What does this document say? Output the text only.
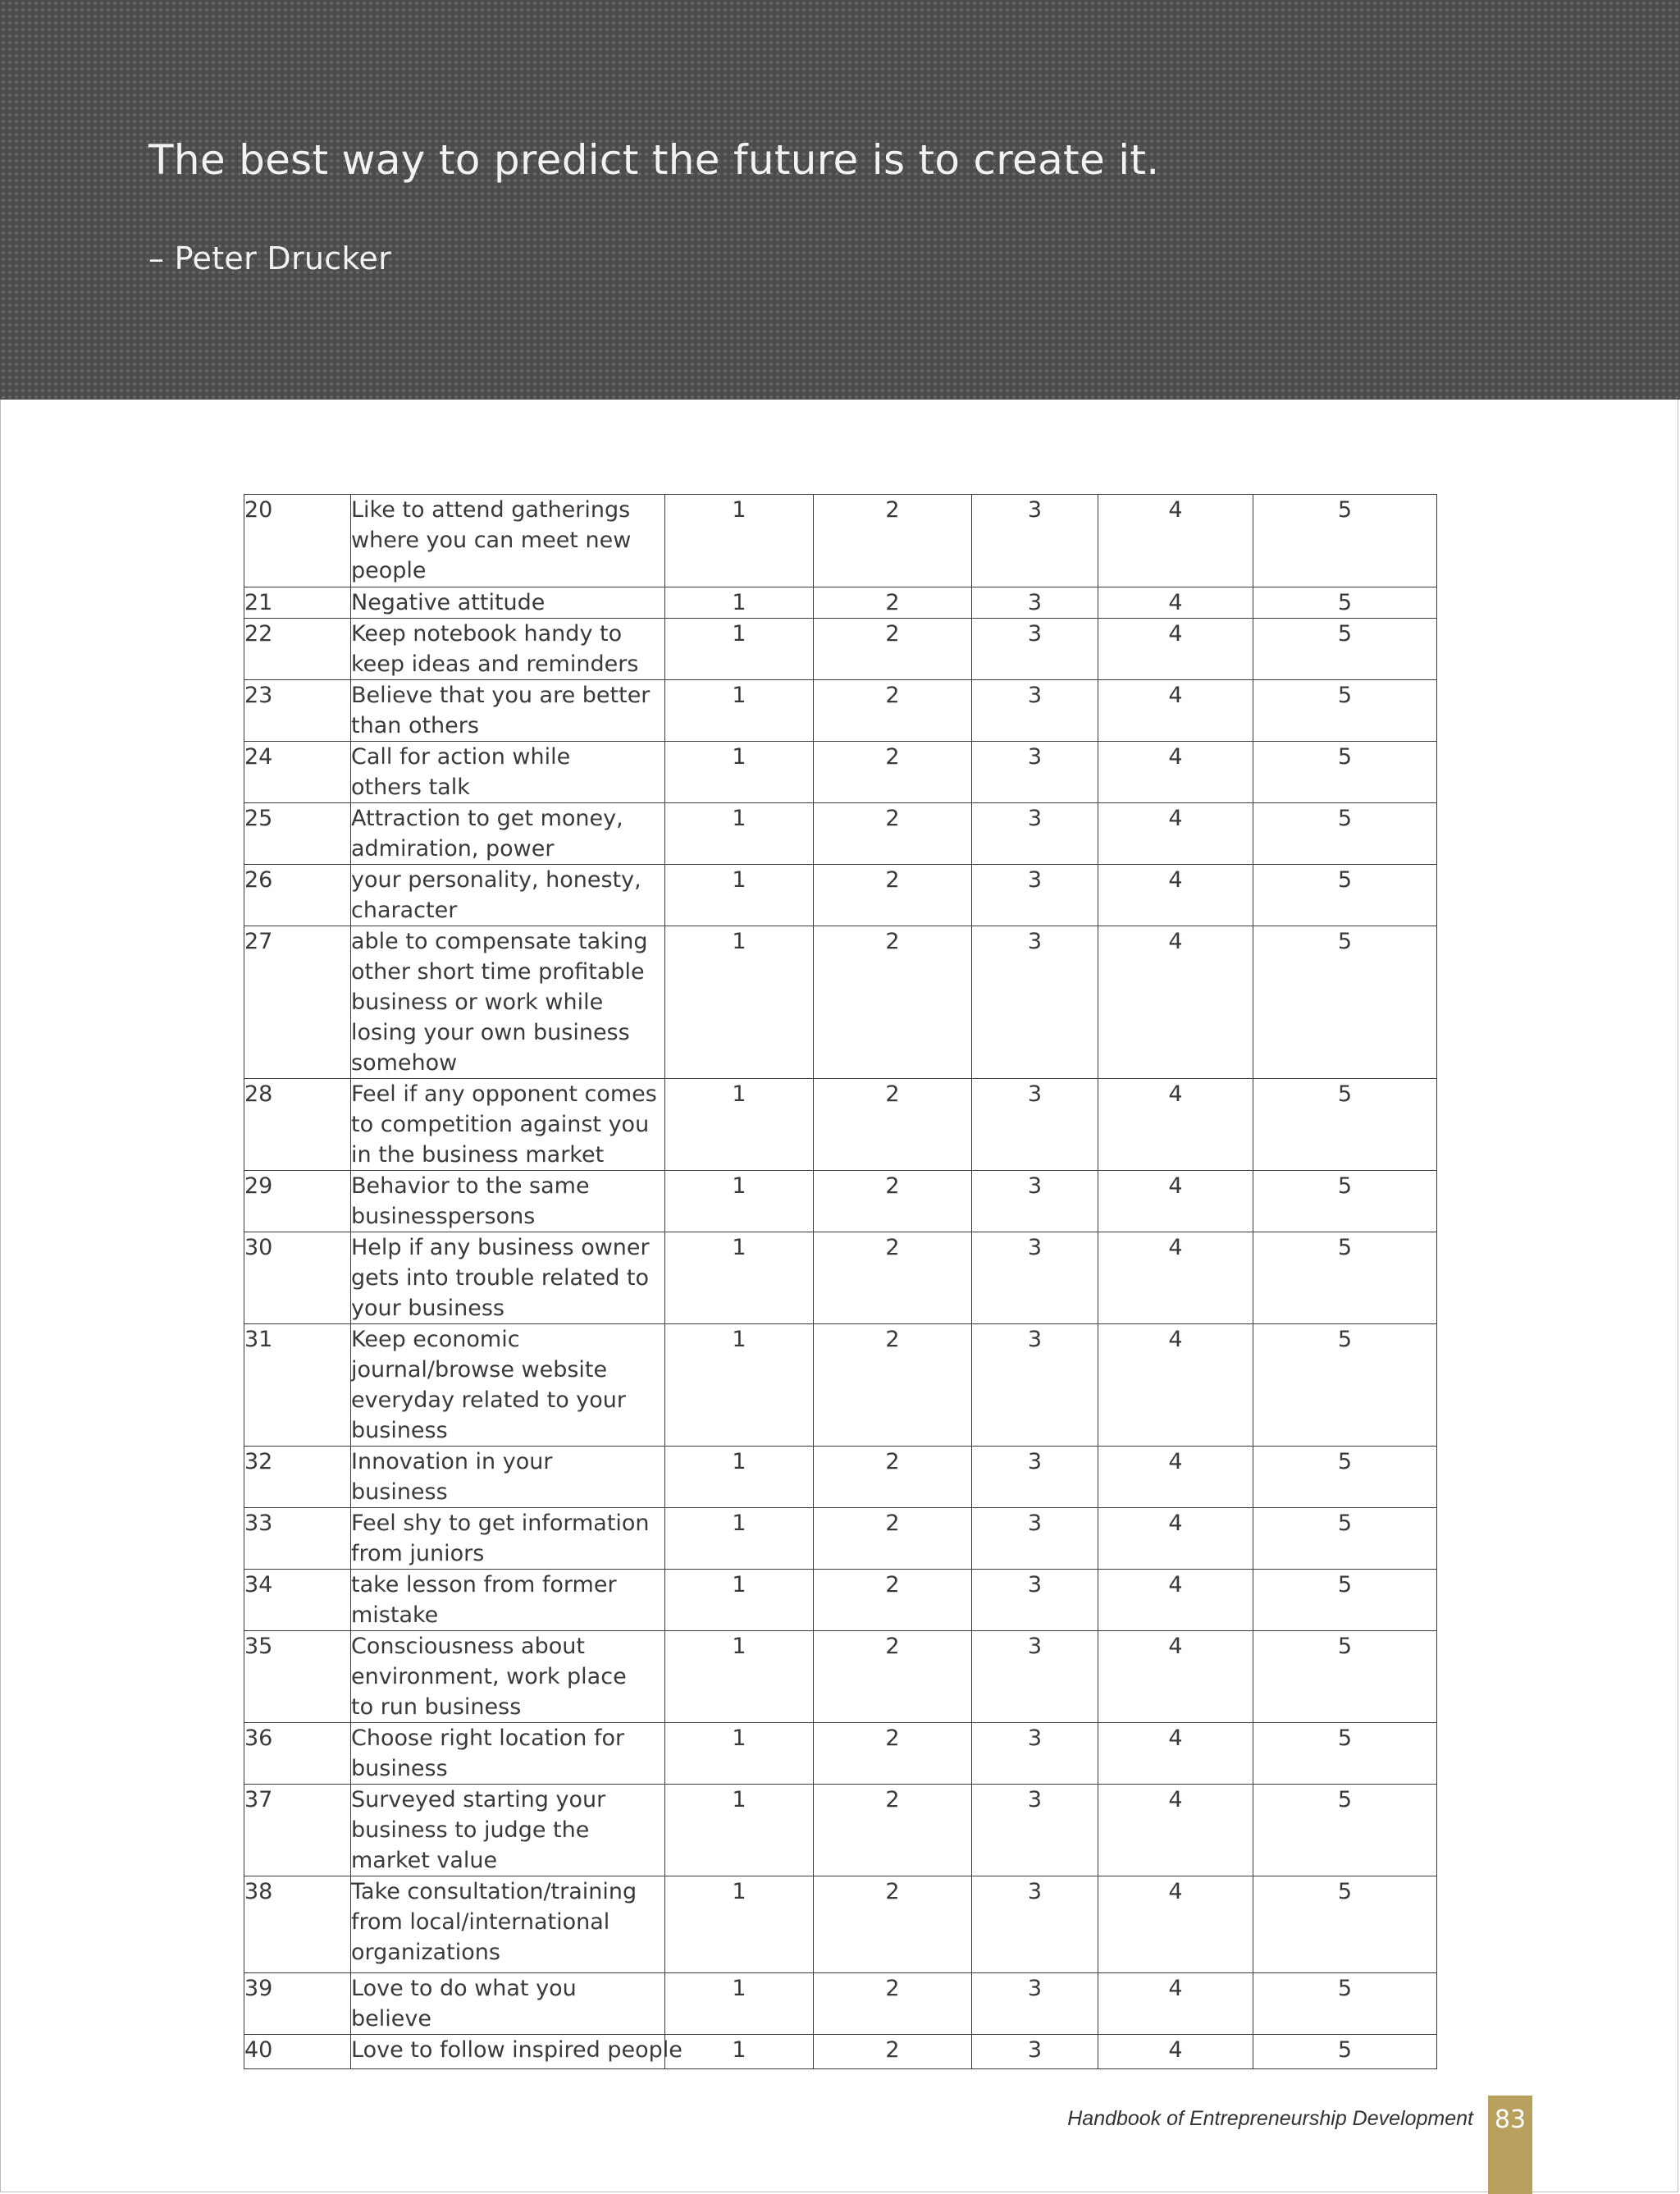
The best way to predict the future is to create it.
– Peter Drucker
20	Like to attend gatherings
where you can meet new
people	1	2	3	4	5
21	Negative attitude	1	2	3	4	5
22	Keep notebook handy to
keep ideas and reminders	1	2	3	4	5
23	Believe that you are better
than others	1	2	3	4	5
24	Call for action while
others talk	1	2	3	4	5
25	Attraction to get money,
admiration, power	1	2	3	4	5
26	your personality, honesty,
character	1	2	3	4	5
27	able to compensate taking
other short time profitable
business or work while
losing your own business
somehow	1	2	3	4	5
28	Feel if any opponent comes
to competition against you
in the business market	1	2	3	4	5
29	Behavior to the same
businesspersons	1	2	3	4	5
30	Help if any business owner
gets into trouble related to
your business	1	2	3	4	5
31	Keep economic
journal/browse website
everyday related to your
business	1	2	3	4	5
32	Innovation in your
business	1	2	3	4	5
33	Feel shy to get information
from juniors	1	2	3	4	5
34	take lesson from former
mistake	1	2	3	4	5
35	Consciousness about
environment, work place
to run business	1	2	3	4	5
36	Choose right location for
business	1	2	3	4	5
37	Surveyed starting your
business to judge the
market value	1	2	3	4	5
38	Take consultation/training
from local/international
organizations	1	2	3	4	5
39	Love to do what you
believe	1	2	3	4	5
40	Love to follow inspired people	1	2	3	4	5
Handbook of Entrepreneurship Development 83
